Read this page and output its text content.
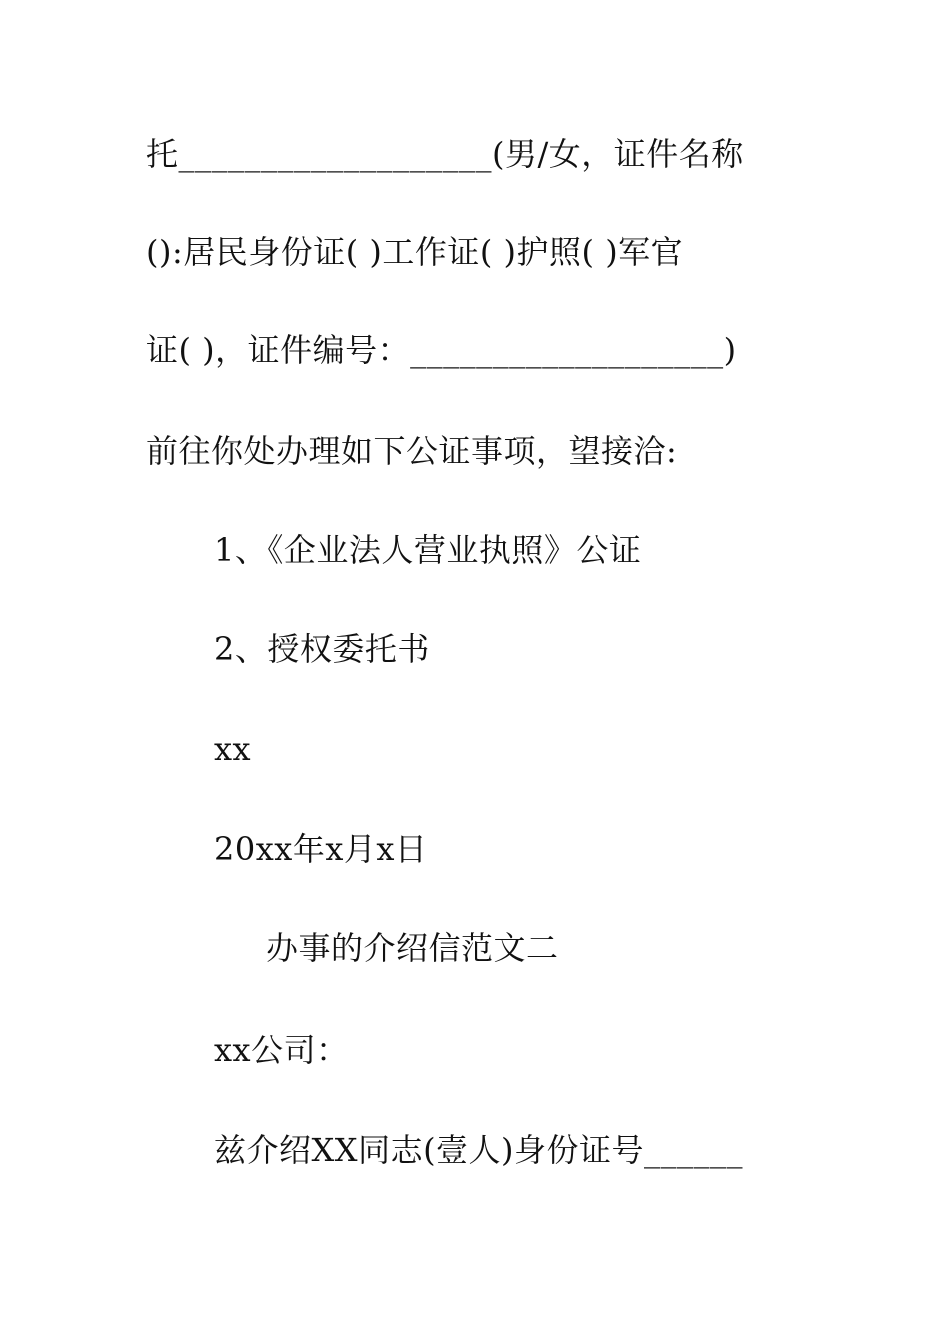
托___________________(男/女，证件名称
():居民身份证( )工作证( )护照( )军官
证( )，证件编号：___________________)
前往你处办理如下公证事项，望接洽:
1、《企业法人营业执照》公证
2、授权委托书
xx
20xx年x月x日
办事的介绍信范文二
xx公司：
兹介绍XX同志(壹人)身份证号______
